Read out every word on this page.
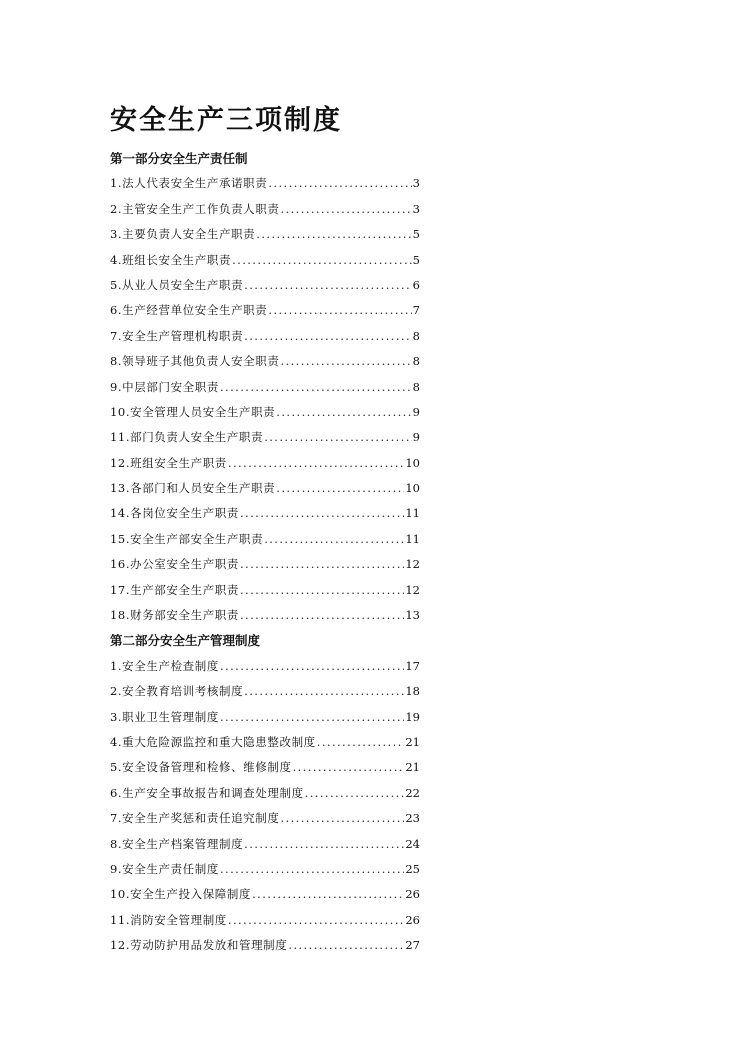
安全生产三项制度
第一部分安全生产责任制
1.法人代表安全生产承诺职责 .....	3
2.主管安全生产工作负责人职责 .....	3
3.主要负责人安全生产职责 .....	5
4.班组长安全生产职责 .....	5
5.从业人员安全生产职责 .....	6
6.生产经营单位安全生产职责 .....	7
7.安全生产管理机构职责 .....	8
8.领导班子其他负责人安全职责 .....	8
9.中层部门安全职责 .....	8
10.安全管理人员安全生产职责 .....	9
11.部门负责人安全生产职责 .....	9
12.班组安全生产职责 .....	10
13.各部门和人员安全生产职责 .....	10
14.各岗位安全生产职责 .....	11
15.安全生产部安全生产职责 .....	11
16.办公室安全生产职责 .....	12
17.生产部安全生产职责 .....	12
18.财务部安全生产职责 .....	13
第二部分安全生产管理制度
1.安全生产检查制度 .....	17
2.安全教育培训考核制度 .....	18
3.职业卫生管理制度 .....	19
4.重大危险源监控和重大隐患整改制度 .....	21
5.安全设备管理和检修、维修制度 .....	21
6.生产安全事故报告和调查处理制度 .....	22
7.安全生产奖惩和责任追究制度 .....	23
8.安全生产档案管理制度 .....	24
9.安全生产责任制度 .....	25
10.安全生产投入保障制度 .....	26
11.消防安全管理制度 .....	26
12.劳动防护用品发放和管理制度 .....	27
